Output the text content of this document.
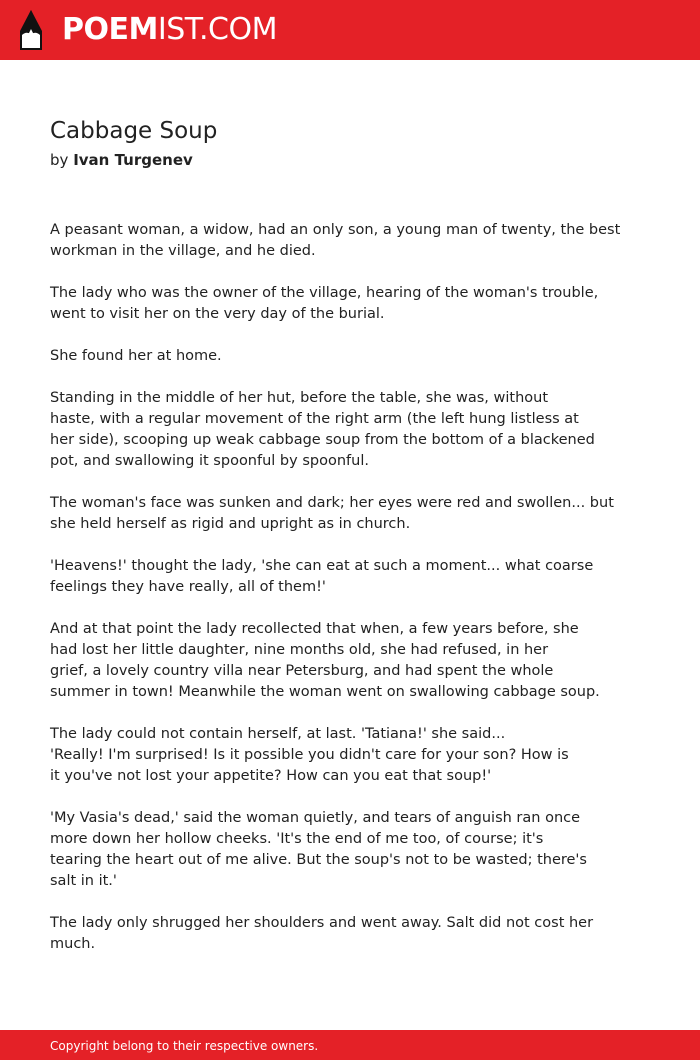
POEMIST.COM
Cabbage Soup

by Ivan Turgenev

A peasant woman, a widow, had an only son, a young man of twenty, the best
workman in the village, and he died.

The lady who was the owner of the village, hearing of the woman's trouble,
went to visit her on the very day of the burial.

She found her at home.

Standing in the middle of her hut, before the table, she was, without
haste, with a regular movement of the right arm (the left hung listless at
her side), scooping up weak cabbage soup from the bottom of a blackened
pot, and swallowing it spoonful by spoonful.

The woman's face was sunken and dark; her eyes were red and swollen... but
she held herself as rigid and upright as in church.

'Heavens!' thought the lady, 'she can eat at such a moment... what coarse
feelings they have really, all of them!'

And at that point the lady recollected that when, a few years before, she
had lost her little daughter, nine months old, she had refused, in her
grief, a lovely country villa near Petersburg, and had spent the whole
summer in town! Meanwhile the woman went on swallowing cabbage soup.

The lady could not contain herself, at last. 'Tatiana!' she said...
'Really! I'm surprised! Is it possible you didn't care for your son? How is
it you've not lost your appetite? How can you eat that soup!'

'My Vasia's dead,' said the woman quietly, and tears of anguish ran once
more down her hollow cheeks. 'It's the end of me too, of course; it's
tearing the heart out of me alive. But the soup's not to be wasted; there's
salt in it.'

The lady only shrugged her shoulders and went away. Salt did not cost her
much.

Copyright belong to their respective owners.
